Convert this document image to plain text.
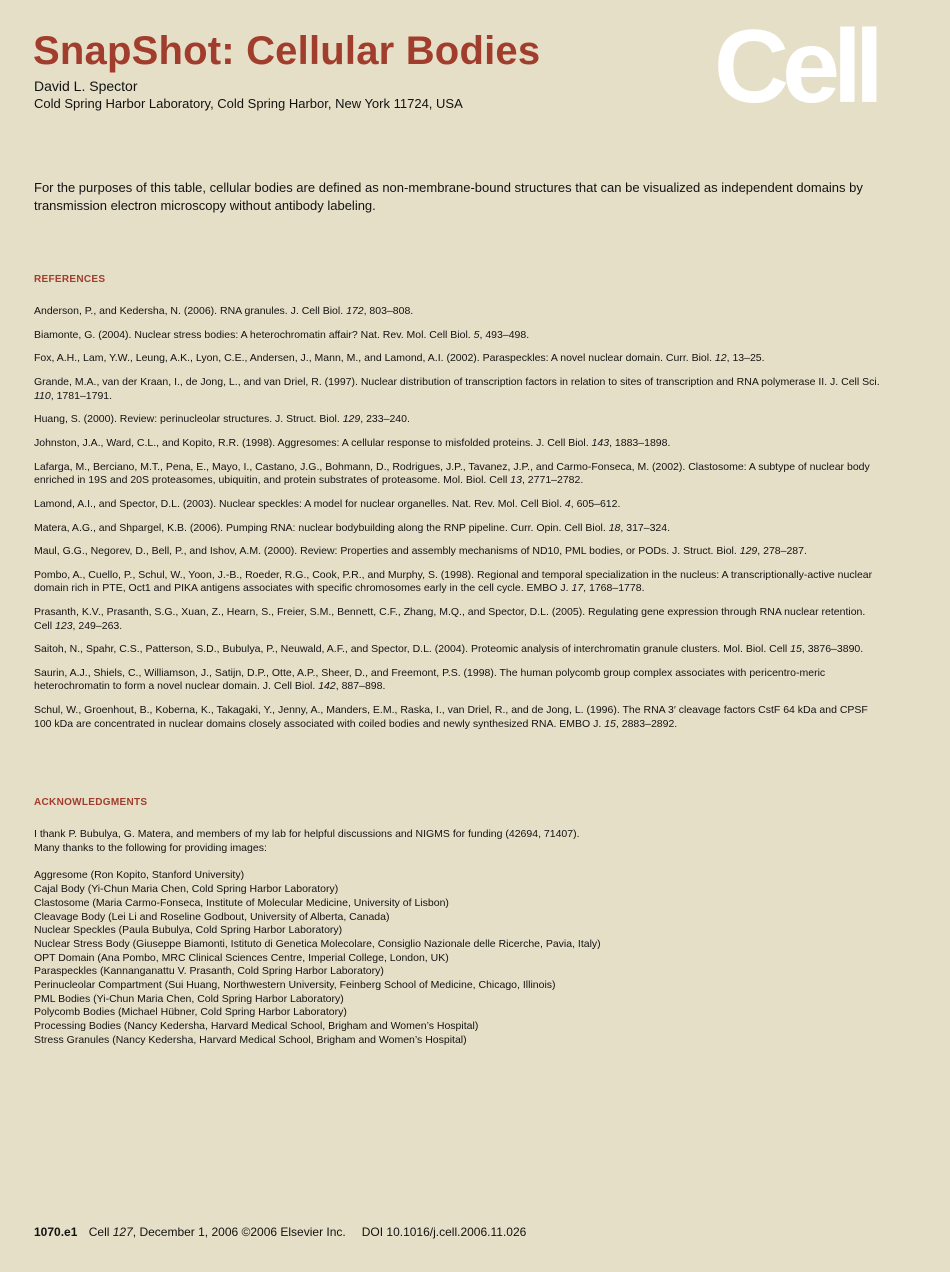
SnapShot: Cellular Bodies
David L. Spector
Cold Spring Harbor Laboratory, Cold Spring Harbor, New York 11724, USA Cell

For the purposes of this table, cellular bodies are defined as non-membrane-bound structures that can be visualized as independent domains by transmission electron microscopy without antibody labeling.

REFERENCES

Anderson, P., and Kedersha, N. (2006). RNA granules. J. Cell Biol. 172, 803–808.

Biamonte, G. (2004). Nuclear stress bodies: A heterochromatin affair? Nat. Rev. Mol. Cell Biol. 5, 493–498.

Fox, A.H., Lam, Y.W., Leung, A.K., Lyon, C.E., Andersen, J., Mann, M., and Lamond, A.I. (2002). Paraspeckles: A novel nuclear domain. Curr. Biol. 12, 13–25.

Grande, M.A., van der Kraan, I., de Jong, L., and van Driel, R. (1997). Nuclear distribution of transcription factors in relation to sites of transcription and RNA polymerase II. J. Cell Sci. 110, 1781–1791.

Huang, S. (2000). Review: perinucleolar structures. J. Struct. Biol. 129, 233–240.

Johnston, J.A., Ward, C.L., and Kopito, R.R. (1998). Aggresomes: A cellular response to misfolded proteins. J. Cell Biol. 143, 1883–1898.

Lafarga, M., Berciano, M.T., Pena, E., Mayo, I., Castano, J.G., Bohmann, D., Rodrigues, J.P., Tavanez, J.P., and Carmo-Fonseca, M. (2002). Clastosome: A subtype of nuclear body enriched in 19S and 20S proteasomes, ubiquitin, and protein substrates of proteasome. Mol. Biol. Cell 13, 2771–2782.

Lamond, A.I., and Spector, D.L. (2003). Nuclear speckles: A model for nuclear organelles. Nat. Rev. Mol. Cell Biol. 4, 605–612.

Matera, A.G., and Shpargel, K.B. (2006). Pumping RNA: nuclear bodybuilding along the RNP pipeline. Curr. Opin. Cell Biol. 18, 317–324.

Maul, G.G., Negorev, D., Bell, P., and Ishov, A.M. (2000). Review: Properties and assembly mechanisms of ND10, PML bodies, or PODs. J. Struct. Biol. 129, 278–287.

Pombo, A., Cuello, P., Schul, W., Yoon, J.-B., Roeder, R.G., Cook, P.R., and Murphy, S. (1998). Regional and temporal specialization in the nucleus: A transcriptionally-active nuclear domain rich in PTE, Oct1 and PIKA antigens associates with specific chromosomes early in the cell cycle. EMBO J. 17, 1768–1778.

Prasanth, K.V., Prasanth, S.G., Xuan, Z., Hearn, S., Freier, S.M., Bennett, C.F., Zhang, M.Q., and Spector, D.L. (2005). Regulating gene expression through RNA nuclear retention. Cell 123, 249–263.

Saitoh, N., Spahr, C.S., Patterson, S.D., Bubulya, P., Neuwald, A.F., and Spector, D.L. (2004). Proteomic analysis of interchromatin granule clusters. Mol. Biol. Cell 15, 3876–3890.

Saurin, A.J., Shiels, C., Williamson, J., Satijn, D.P., Otte, A.P., Sheer, D., and Freemont, P.S. (1998). The human polycomb group complex associates with pericentro-meric heterochromatin to form a novel nuclear domain. J. Cell Biol. 142, 887–898.

Schul, W., Groenhout, B., Koberna, K., Takagaki, Y., Jenny, A., Manders, E.M., Raska, I., van Driel, R., and de Jong, L. (1996). The RNA 3′ cleavage factors CstF 64 kDa and CPSF 100 kDa are concentrated in nuclear domains closely associated with coiled bodies and newly synthesized RNA. EMBO J. 15, 2883–2892.

ACKNOWLEDGMENTS

I thank P. Bubulya, G. Matera, and members of my lab for helpful discussions and NIGMS for funding (42694, 71407).

Many thanks to the following for providing images:

Aggresome (Ron Kopito, Stanford University)
Cajal Body (Yi-Chun Maria Chen, Cold Spring Harbor Laboratory)
Clastosome (Maria Carmo-Fonseca, Institute of Molecular Medicine, University of Lisbon)
Cleavage Body (Lei Li and Roseline Godbout, University of Alberta, Canada)
Nuclear Speckles (Paula Bubulya, Cold Spring Harbor Laboratory)
Nuclear Stress Body (Giuseppe Biamonti, Istituto di Genetica Molecolare, Consiglio Nazionale delle Ricerche, Pavia, Italy)
OPT Domain (Ana Pombo, MRC Clinical Sciences Centre, Imperial College, London, UK)
Paraspeckles (Kannanganattu V. Prasanth, Cold Spring Harbor Laboratory)
Perinucleolar Compartment (Sui Huang, Northwestern University, Feinberg School of Medicine, Chicago, Illinois)
PML Bodies (Yi-Chun Maria Chen, Cold Spring Harbor Laboratory)
Polycomb Bodies (Michael Hübner, Cold Spring Harbor Laboratory)
Processing Bodies (Nancy Kedersha, Harvard Medical School, Brigham and Women’s Hospital)
Stress Granules (Nancy Kedersha, Harvard Medical School, Brigham and Women’s Hospital)
1070.e1 Cell 127, December 1, 2006 ©2006 Elsevier Inc. DOI 10.1016/j.cell.2006.11.026
